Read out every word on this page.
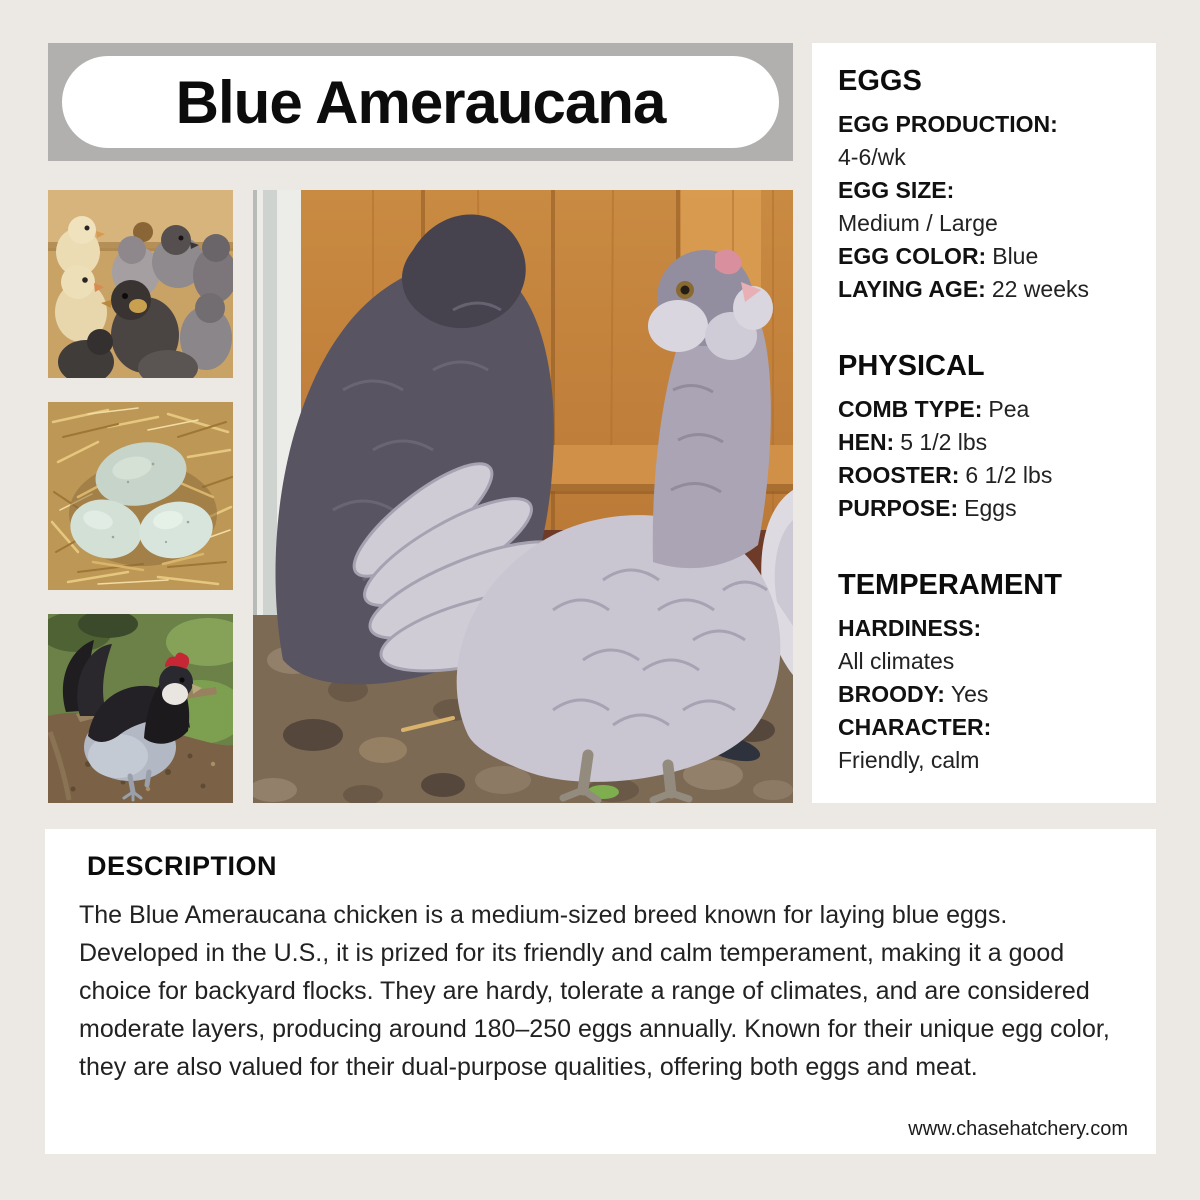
Blue Ameraucana	EGGS
EGG PRODUCTION:
4-6/wk
EGG SIZE:
Medium / Large
EGG COLOR: Blue
LAYING AGE: 22 weeks
PHYSICAL
COMB TYPE: Pea
HEN: 5 1/2 lbs
ROOSTER: 6 1/2 lbs
PURPOSE: Eggs
TEMPERAMENT
HARDINESS:
All climates
BROODY: Yes
CHARACTER:
Friendly, calm
DESCRIPTION

The Blue Ameraucana chicken is a medium-sized breed known for laying blue eggs. Developed in the U.S., it is prized for its friendly and calm temperament, making it a good choice for backyard flocks. They are hardy, tolerate a range of climates, and are considered moderate layers, producing around 180–250 eggs annually. Known for their unique egg color, they are also valued for their dual-purpose qualities, offering both eggs and meat.

www.chasehatchery.com
